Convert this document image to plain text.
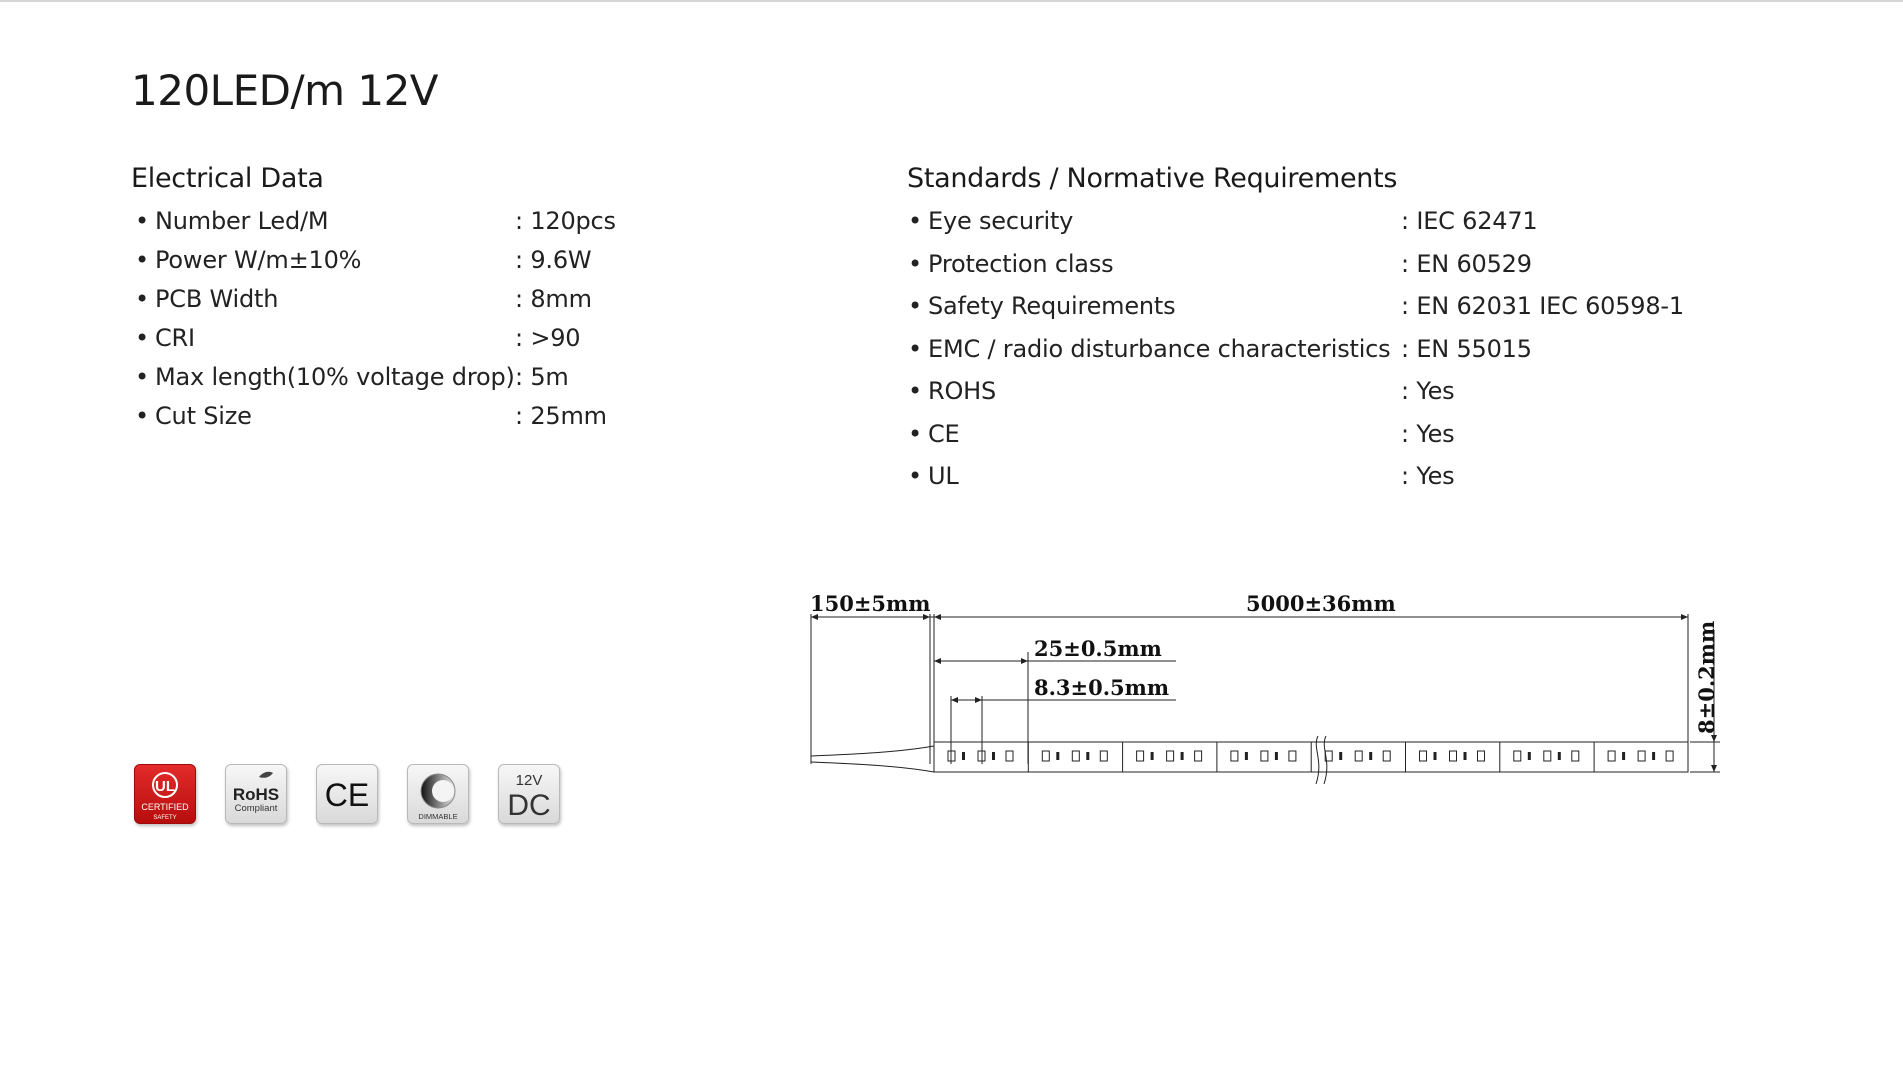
120LED/m 12V
Electrical Data
• Number Led/M	: 120pcs
• Power W/m±10%	: 9.6W
• PCB Width	: 8mm
• CRI	: >90
• Max length(10% voltage drop) : 5m
• Cut Size	: 25mm
Standards / Normative Requirements
• Eye security	: IEC 62471
• Protection class	: EN 60529
• Safety Requirements	: EN 62031 IEC 60598-1
• EMC / radio disturbance characteristics : EN 55015
• ROHS	: Yes
• CE	: Yes
• UL	: Yes
UL
CERTIFIED
SAFETY
RoHS
Compliant CE
DIMMABLE
12V
DC
150±5mm	5000±36mm
25±0.5mm
8.3±0.5mm	8±0.2mm
